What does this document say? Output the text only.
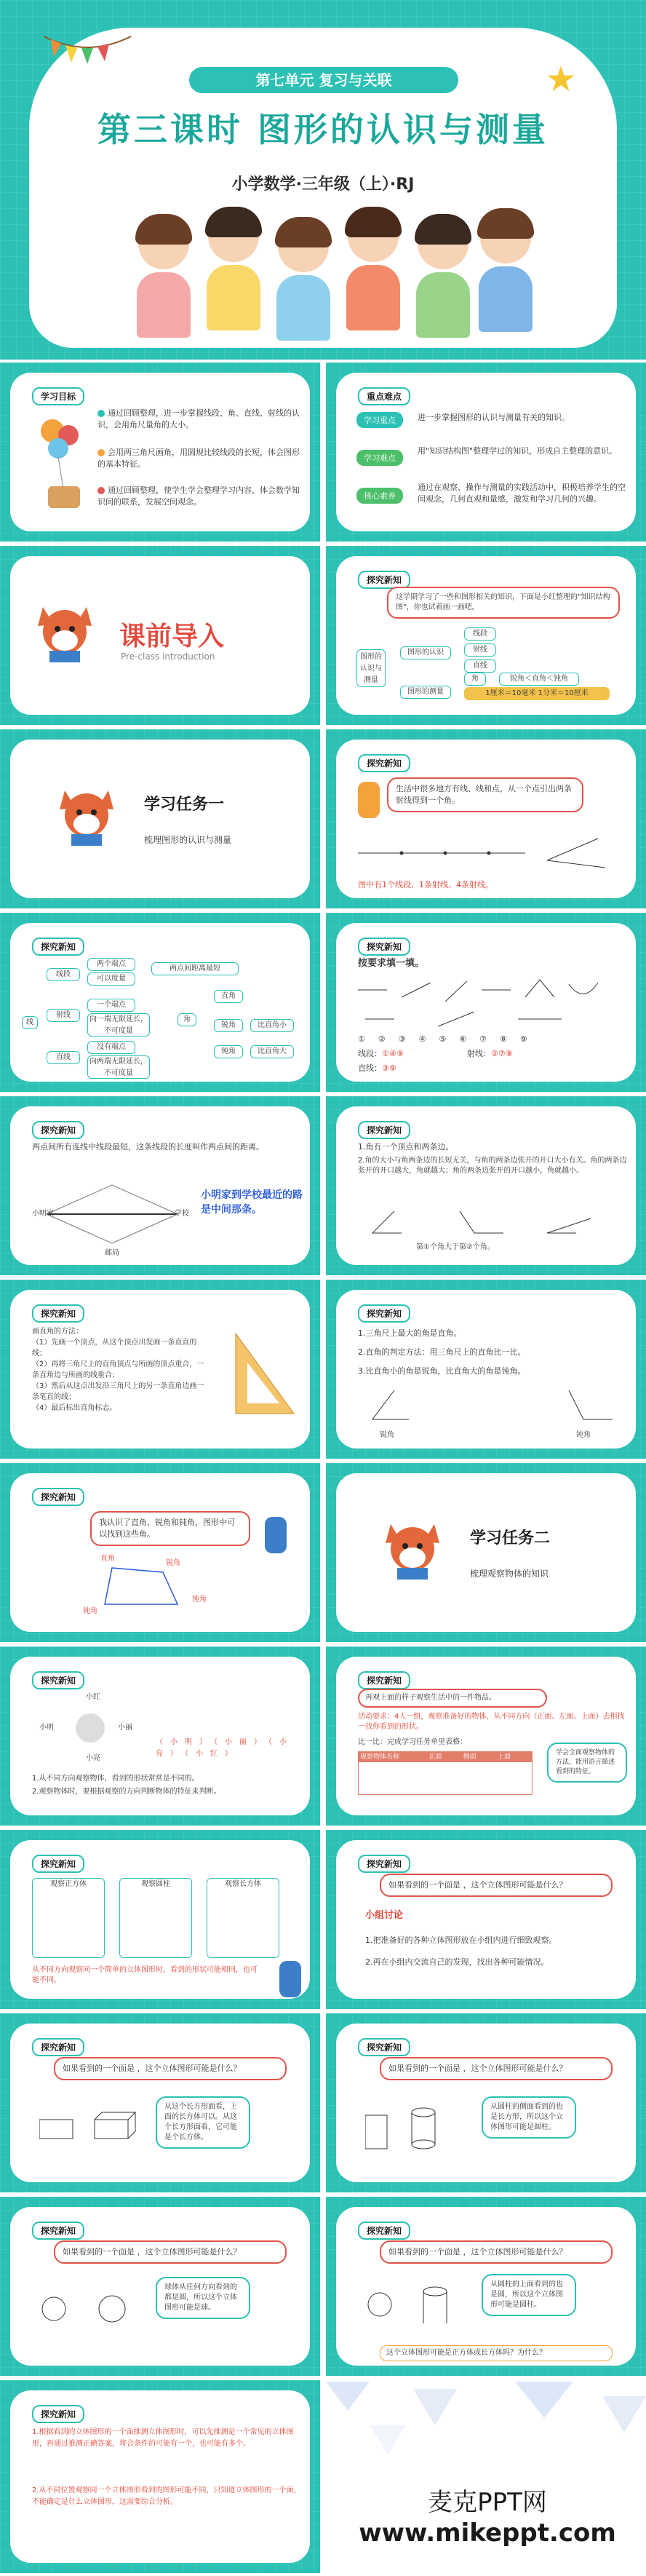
★
第七单元 复习与关联
第三课时 图形的认识与测量
小学数学·三年级（上）·RJ
学习目标
通过回顾整理，进一步掌握线段、角、直线、射线的认识，会用角尺量角的大小。
会用两三角尺画角，用圆规比较线段的长短，体会图形的基本特征。
通过回顾整理，使学生学会整理学习内容，体会数学知识间的联系，发展空间观念。
重点难点
学习重点
学习难点
核心素养
进一步掌握图形的认识与测量有关的知识。
用"知识结构图"整理学过的知识，形成自主整理的意识。
通过在观察、操作与测量的实践活动中，积极培养学生的空间观念，几何直观和量感，激发和学习几何的兴趣。
课前导入
Pre-class introduction
探究新知
这学期学习了一些和图形相关的知识，下面是小红整理的"知识结构图"，你也试着画一画吧。
图形的认识与测量
图形的认识
图形的测量
线段
射线
直线
角	锐角＜直角＜钝角
1厘米＝10毫米 1分米＝10厘米
学习任务一
梳理图形的认识与测量
探究新知
生活中很多地方有线、线和点，从一个点引出两条射线得到一个角。
图中有1个线段、1条射线、4条射线。
探究新知
线
线段
射线
直线
两个端点
可以度量
一个端点
向一端无限延长，不可度量
没有端点
向两端无限延长，不可度量
两点间距离最短
角
直角
锐角
钝角
比直角小
比直角大
探究新知
按要求填一填。
①②③④⑤⑥⑦⑧⑨
线段：①④⑨	射线：②⑦⑧
直线：③⑨
探究新知
两点间所有连线中线段最短，这条线段的长度叫作两点间的距离。
小明家	学校
邮局
小明家到学校最近的路是中间那条。
探究新知
1.角有一个顶点和两条边。
2.角的大小与角两条边的长短无关，与角的两条边张开的开口大小有关。角的两条边张开的开口越大，角就越大；角的两条边张开的开口越小，角就越小。
第①个角大于第②个角。
探究新知
画直角的方法：
（1）先画一个顶点，从这个顶点出发画一条直直的线；
（2）再将三角尺上的直角顶点与所画的顶点重合，一条直角边与所画的线重合；
（3）然后从这点出发沿三角尺上的另一条直角边画一条笔直的线；
（4）最后标出直角标志。
探究新知
1.三角尺上最大的角是直角。
2.直角的判定方法：用三角尺上的直角比一比。
3.比直角小的角是锐角，比直角大的角是钝角。
锐角	钝角
探究新知
我认识了直角、锐角和钝角，图形中可以找到这些角。
直角
锐角
钝角
钝角
学习任务二
梳理观察物体的知识
探究新知
小红
小明	小丽
小亮
（小明）（小丽）（小亮）（小红）
1.从不同方向观察物体，看到的形状常常是不同的。
2.观察物体时，要根据观察的方向判断物体的特征来判断。
探究新知
再观上面的样子观察生活中的一件物品。
活动要求：4人一组，观察准备好的物体，从不同方向（正面、左面、上面）去相找一找你看到的形状。
比一比：完成学习任务单里表格：
观察物体名称	正面	侧面	上面
学会全面观察物体的方法，能用语言描述看到的特征。
探究新知
观察正方体	观察圆柱	观察长方体
从不同方向观察同一个简单的立体图形时，看到的形状可能相同，也可能不同。
探究新知
如果看到的一个面是 ，这个立体图形可能是什么？
小组讨论
1.把准备好的各种立体图形放在小组内进行细致观察。
2.再在小组内交流自己的发现，找出各种可能情况。
探究新知
如果看到的一个面是 ，这个立体图形可能是什么？
从这个长方形面看，上面的长方体可以。从这个长方形面看，它可能是个长方体。
探究新知
如果看到的一个面是 ，这个立体图形可能是什么？
从圆柱的侧面看到的也是长方形，所以这个立体图形可能是圆柱。
探究新知
如果看到的一个面是 ，这个立体图形可能是什么？
球体从任何方向看到的都是圆，所以这个立体图形可能是球。
探究新知
如果看到的一个面是 ，这个立体图形可能是什么？
从圆柱的上面看到的也是圆，所以这个立体图形可能是圆柱。
这个立体图形可能是正方体或长方体吗？为什么？
探究新知
1.根据看到的立体图形的一个面推测立体图形时，可以先推测是一个常见的立体图形，再通过推测正确答案，将合条件的可能有一个，也可能有多个。
2.从不同位置观察同一个立体图形看到的图形可能不同，只知道立体图形的一个面，不能确定是什么立体图形，这需要综合分析。	麦克PPT网
www.mikeppt.com
